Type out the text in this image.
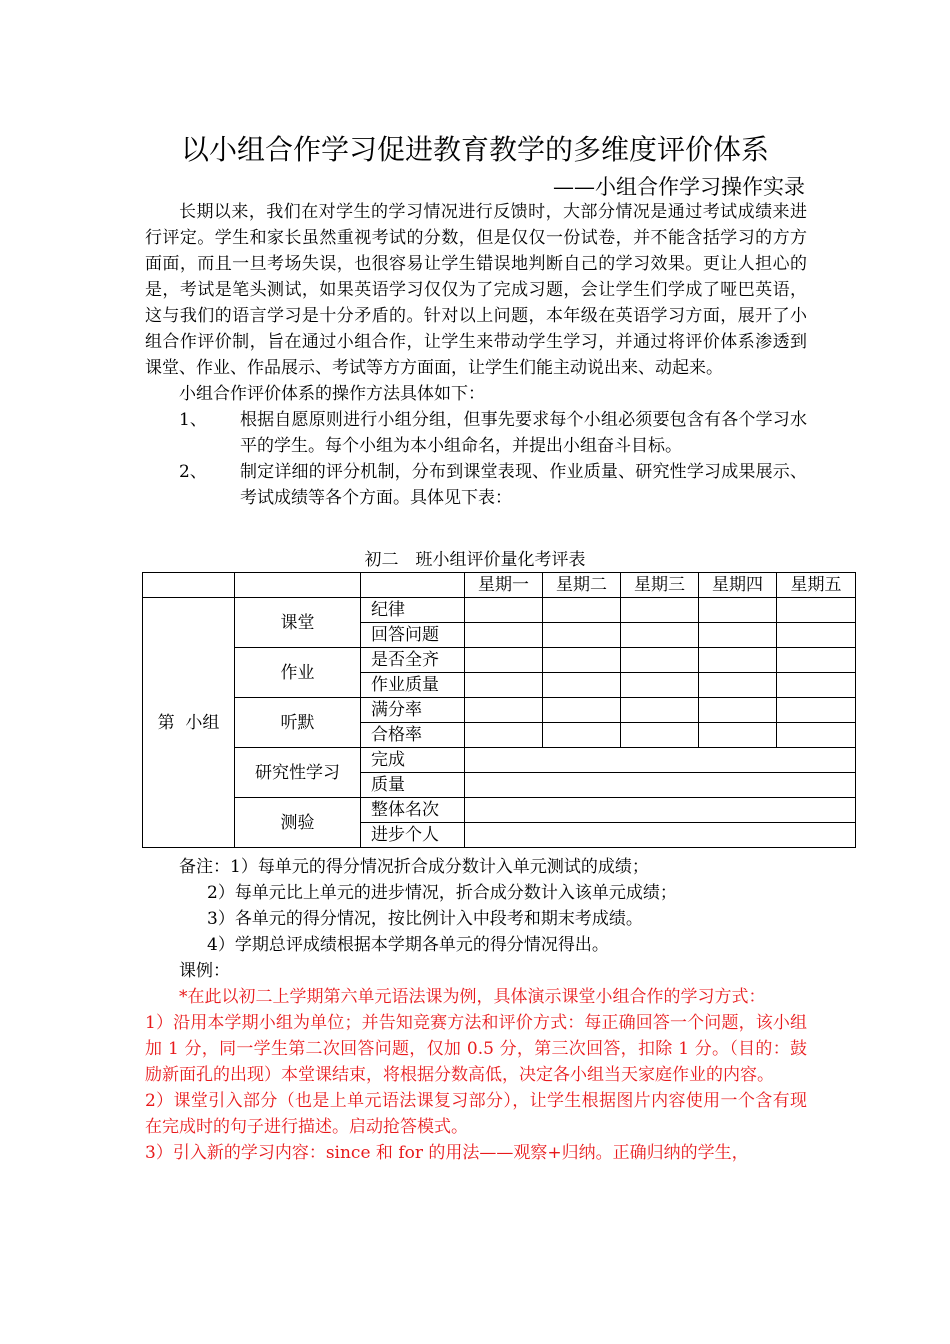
以小组合作学习促进教育教学的多维度评价体系
——小组合作学习操作实录

长期以来，我们在对学生的学习情况进行反馈时，大部分情况是通过考试成绩来进行评定。学生和家长虽然重视考试的分数，但是仅仅一份试卷，并不能含括学习的方方面面，而且一旦考场失误，也很容易让学生错误地判断自己的学习效果。更让人担心的是，考试是笔头测试，如果英语学习仅仅为了完成习题，会让学生们学成了哑巴英语，这与我们的语言学习是十分矛盾的。针对以上问题，本年级在英语学习方面，展开了小组合作评价制，旨在通过小组合作，让学生来带动学生学习，并通过将评价体系渗透到课堂、作业、作品展示、考试等方方面面，让学生们能主动说出来、动起来。

小组合作评价体系的操作方法具体如下：

1、 根据自愿原则进行小组分组，但事先要求每个小组必须要包含有各个学习水平的学生。每个小组为本小组命名，并提出小组奋斗目标。

2、 制定详细的评分机制，分布到课堂表现、作业质量、研究性学习成果展示、考试成绩等各个方面。具体见下表：

初二　班小组评价量化考评表
			星期一	星期二	星期三	星期四	星期五
第  小组	课堂	纪律					
		回答问题					
	作业	是否全齐					
		作业质量					
	听默	满分率					
		合格率					
	研究性学习	完成					
		质量					
	测验	整体名次					
		进步个人					

备注：1）每单元的得分情况折合成分数计入单元测试的成绩；

2）每单元比上单元的进步情况，折合成分数计入该单元成绩；

3）各单元的得分情况，按比例计入中段考和期末考成绩。

4）学期总评成绩根据本学期各单元的得分情况得出。

课例：

*在此以初二上学期第六单元语法课为例，具体演示课堂小组合作的学习方式：

1）沿用本学期小组为单位；并告知竞赛方法和评价方式：每正确回答一个问题，该小组加 1 分，同一学生第二次回答问题，仅加 0.5 分，第三次回答，扣除 1 分。（目的：鼓励新面孔的出现）本堂课结束，将根据分数高低，决定各小组当天家庭作业的内容。

2）课堂引入部分（也是上单元语法课复习部分），让学生根据图片内容使用一个含有现在完成时的句子进行描述。启动抢答模式。

3）引入新的学习内容：since 和 for 的用法——观察+归纳。正确归纳的学生，
